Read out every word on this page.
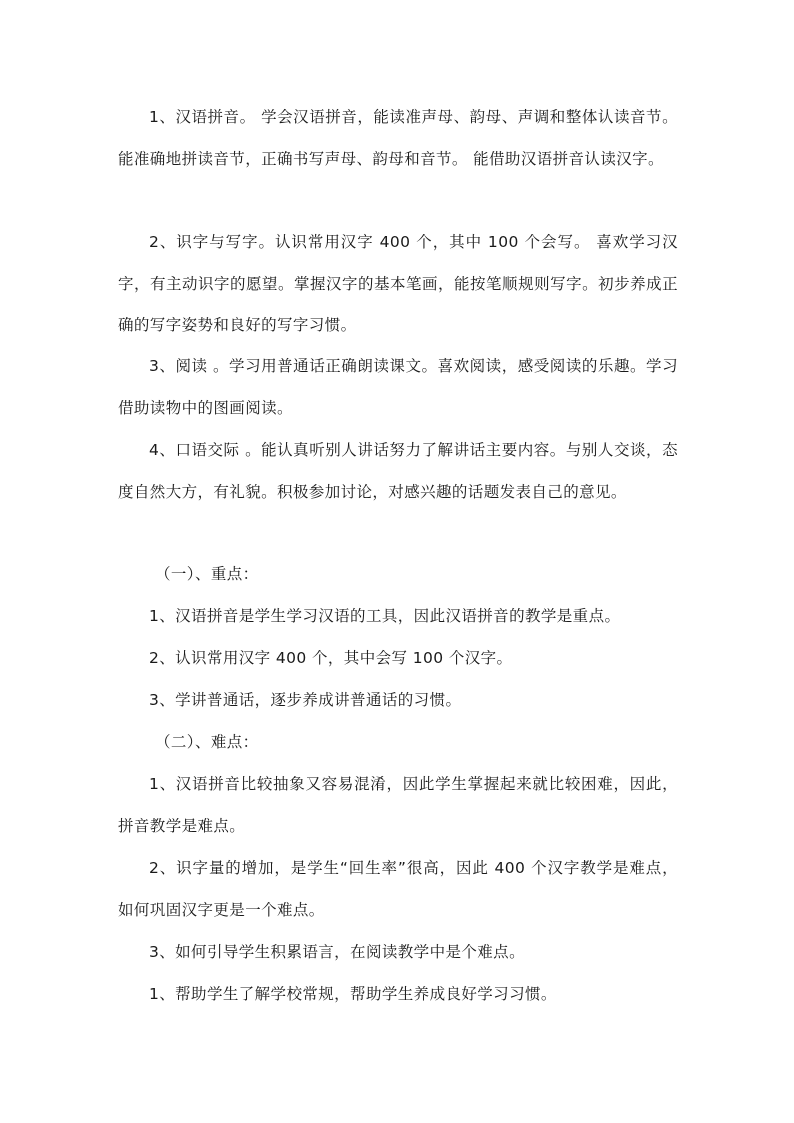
1、汉语拼音。 学会汉语拼音，能读准声母、韵母、声调和整体认读音节。能准确地拼读音节，正确书写声母、韵母和音节。 能借助汉语拼音认读汉字。

2、识字与写字。认识常用汉字 400 个，其中 100 个会写。 喜欢学习汉字，有主动识字的愿望。掌握汉字的基本笔画，能按笔顺规则写字。初步养成正确的写字姿势和良好的写字习惯。

3、阅读 。学习用普通话正确朗读课文。喜欢阅读，感受阅读的乐趣。学习借助读物中的图画阅读。

4、口语交际 。能认真听别人讲话努力了解讲话主要内容。与别人交谈，态度自然大方，有礼貌。积极参加讨论，对感兴趣的话题发表自己的意见。

（一）、重点：

1、汉语拼音是学生学习汉语的工具，因此汉语拼音的教学是重点。

2、认识常用汉字 400 个，其中会写 100 个汉字。

3、学讲普通话，逐步养成讲普通话的习惯。

（二）、难点：

1、汉语拼音比较抽象又容易混淆，因此学生掌握起来就比较困难，因此，拼音教学是难点。

2、识字量的增加，是学生“回生率”很高，因此 400 个汉字教学是难点，如何巩固汉字更是一个难点。

3、如何引导学生积累语言，在阅读教学中是个难点。

1、帮助学生了解学校常规，帮助学生养成良好学习习惯。
